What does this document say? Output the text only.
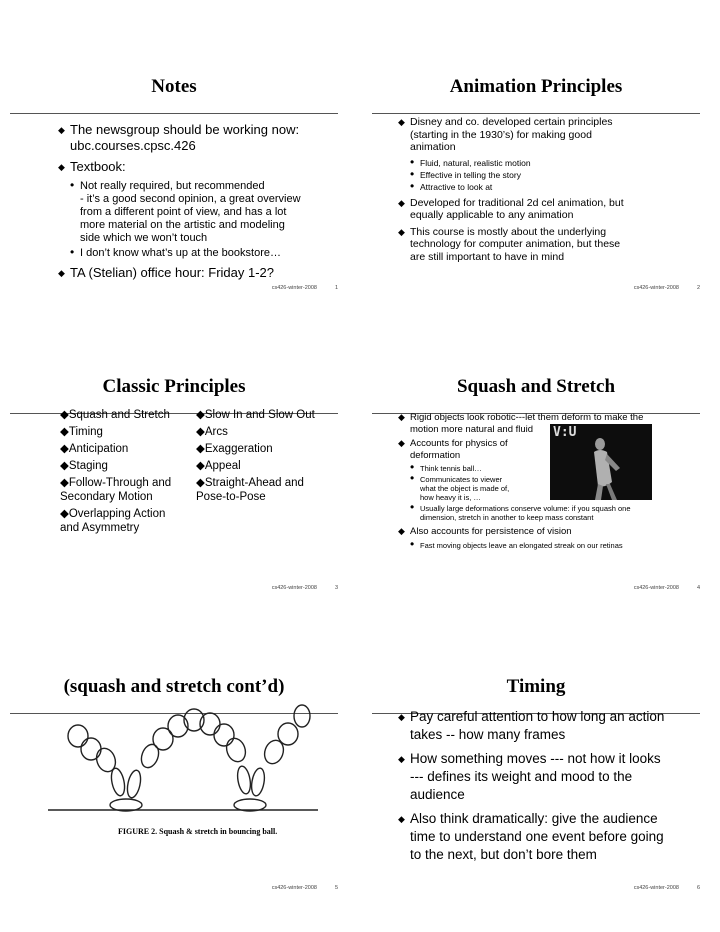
Notes
◆ The newsgroup should be working now:
ubc.courses.cpsc.426
◆ Textbook:
• Not really required, but recommended
- it’s a good second opinion, a great overview
from a different point of view, and has a lot
more material on the artistic and modeling
side which we won’t touch
• I don’t know what’s up at the bookstore…
◆ TA (Stelian) office hour: Friday 1-2?
cs426-winter-2008	1
Animation Principles
◆ Disney and co. developed certain principles
(starting in the 1930’s) for making good
animation
• Fluid, natural, realistic motion
• Effective in telling the story
• Attractive to look at
◆ Developed for traditional 2d cel animation, but
equally applicable to any animation
◆ This course is mostly about the underlying
technology for computer animation, but these
are still important to have in mind
cs426-winter-2008	2
Classic Principles
◆Squash and Stretch
◆Timing
◆Anticipation
◆Staging
◆Follow-Through and
Secondary Motion
◆Overlapping Action
and Asymmetry
◆Slow In and Slow Out
◆Arcs
◆Exaggeration
◆Appeal
◆Straight-Ahead and
Pose-to-Pose
cs426-winter-2008	3
Squash and Stretch
◆ Rigid objects look robotic---let them deform to make the
motion more natural and fluid
◆ Accounts for physics of
deformation
• Think tennis ball…
• Communicates to viewer
what the object is made of,
how heavy it is, …
• Usually large deformations conserve volume: if you squash one
dimension, stretch in another to keep mass constant
◆ Also accounts for persistence of vision
• Fast moving objects leave an elongated streak on our retinas
V:U
cs426-winter-2008	4
(squash and stretch cont’d)
FIGURE 2. Squash & stretch in bouncing ball.
cs426-winter-2008	5
Timing
◆ Pay careful attention to how long an action
takes -- how many frames
◆ How something moves --- not how it looks
--- defines its weight and mood to the
audience
◆ Also think dramatically: give the audience
time to understand one event before going
to the next, but don’t bore them
cs426-winter-2008	6
